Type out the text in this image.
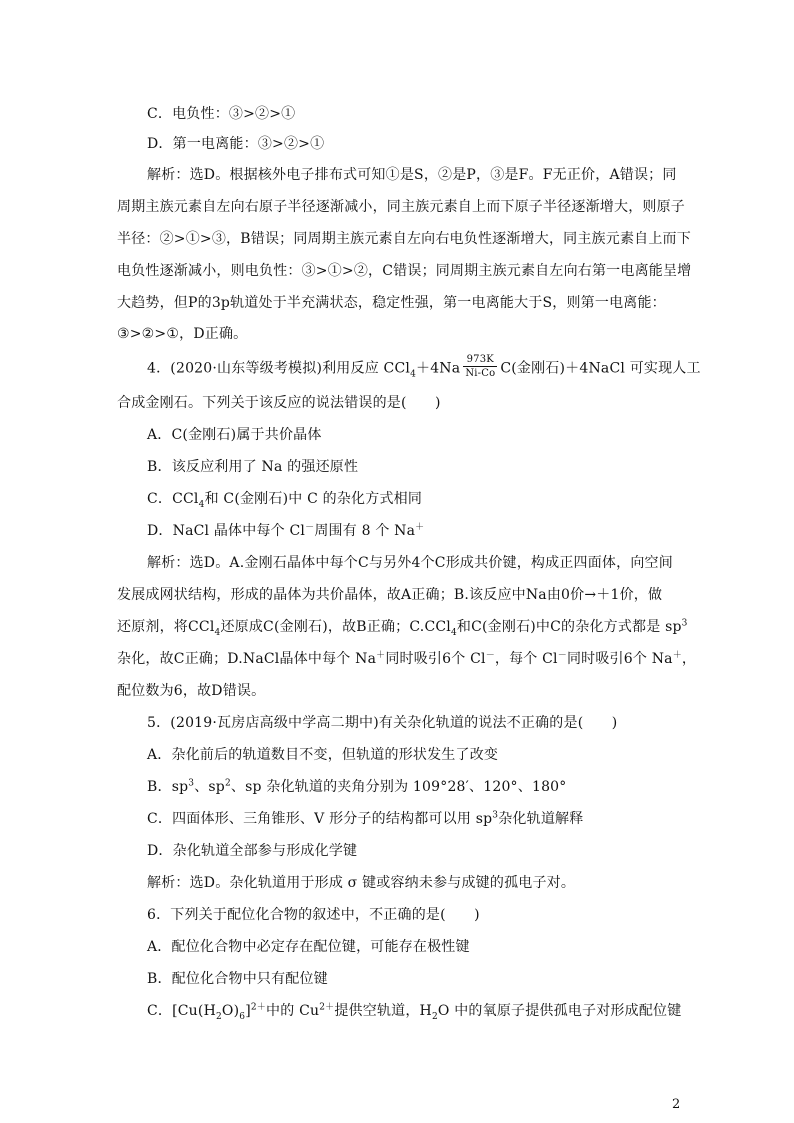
C．电负性：③>②>①
D．第一电离能：③>②>①
解析：选D。根据核外电子排布式可知①是S，②是P，③是F。F无正价，A错误；同
周期主族元素自左向右原子半径逐渐减小，同主族元素自上而下原子半径逐渐增大，则原子
半径：②>①>③，B错误；同周期主族元素自左向右电负性逐渐增大，同主族元素自上而下
电负性逐渐减小，则电负性：③>①>②，C错误；同周期主族元素自左向右第一电离能呈增
大趋势，但P的3p轨道处于半充满状态，稳定性强，第一电离能大于S，则第一电离能：
③>②>①，D正确。
4．(2020·山东等级考模拟)利用反应 $CCl_4+4Na \frac{973K}{Ni-Co} C$(金刚石)＋4NaCl 可实现人工
合成金刚石。下列关于该反应的说法错误的是(　　)
A．C(金刚石)属于共价晶体
B．该反应利用了 Na 的强还原性
C．CCl$_4$和 C(金刚石)中 C 的杂化方式相同
D．NaCl 晶体中每个 Cl－周围有 8 个 Na＋
解析：选D。A.金刚石晶体中每个C与另外4个C形成共价键，构成正四面体，向空间
发展成网状结构，形成的晶体为共价晶体，故A正确；B.该反应中Na由0价→＋1价，做
还原剂，将CCl$_4$还原成C(金刚石)，故B正确；C.CCl$_4$和C(金刚石)中C的杂化方式都是 $sp^3$
杂化，故C正确；D.NaCl晶体中每个 Na＋同时吸引6个 Cl－，每个 Cl－同时吸引6个 Na＋，
配位数为6，故D错误。
5．(2019·瓦房店高级中学高二期中)有关杂化轨道的说法不正确的是(　　)
A．杂化前后的轨道数目不变，但轨道的形状发生了改变
B．$sp^3$、$sp^2$、sp 杂化轨道的夹角分别为 109°28′、120°、180°
C．四面体形、三角锥形、V 形分子的结构都可以用 $sp^3$杂化轨道解释
D．杂化轨道全部参与形成化学键
解析：选D。杂化轨道用于形成 σ 键或容纳未参与成键的孤电子对。
6．下列关于配位化合物的叙述中，不正确的是(　　)
A．配位化合物中必定存在配位键，可能存在极性键
B．配位化合物中只有配位键
C．$[Cu(H_2O)_6]^{2+}$中的 $Cu^{2+}$提供空轨道，$H_2O$ 中的氧原子提供孤电子对形成配位键
2
